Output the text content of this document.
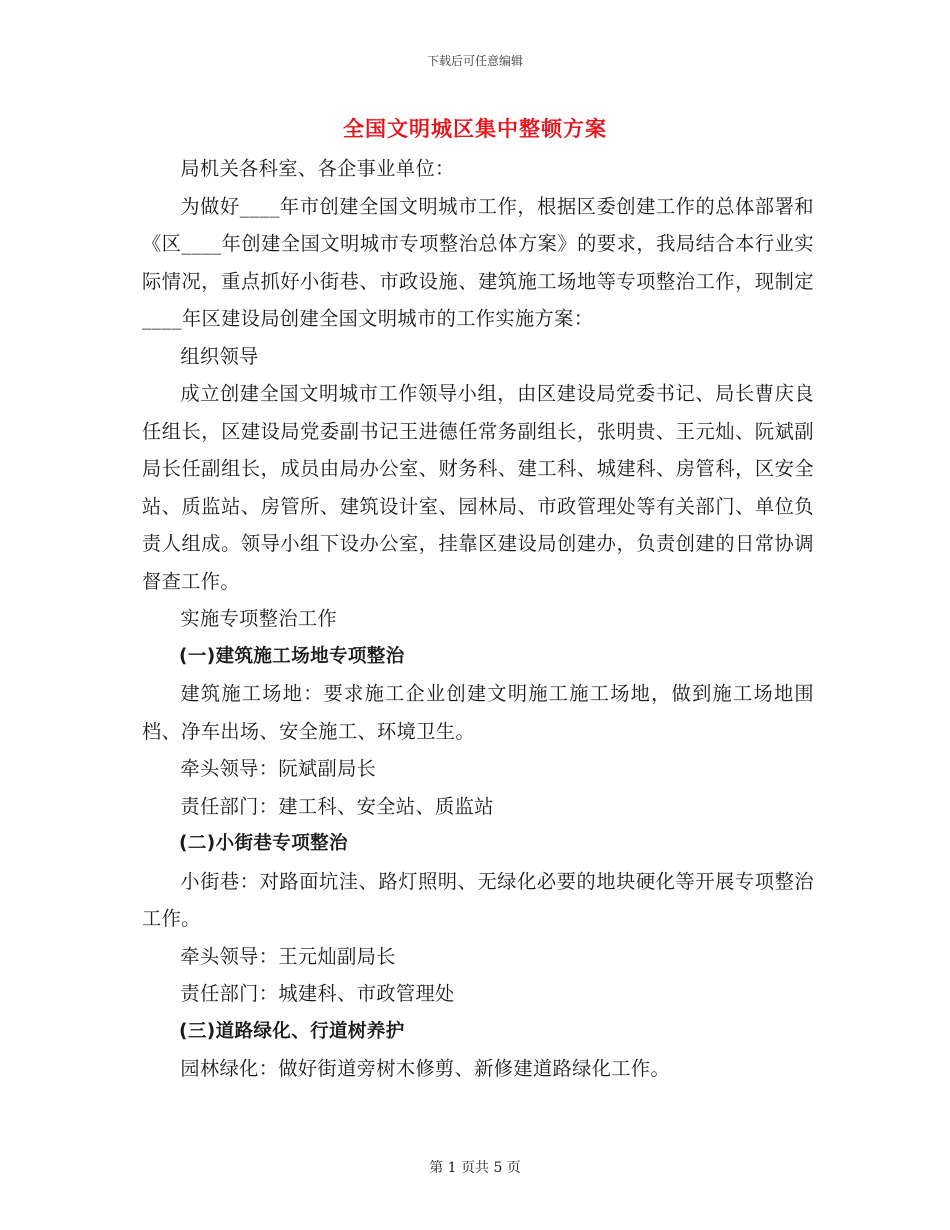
下载后可任意编辑
全国文明城区集中整顿方案

局机关各科室、各企事业单位：

为做好____年市创建全国文明城市工作，根据区委创建工作的总体部署和《区____年创建全国文明城市专项整治总体方案》的要求，我局结合本行业实际情况，重点抓好小街巷、市政设施、建筑施工场地等专项整治工作，现制定____年区建设局创建全国文明城市的工作实施方案：

组织领导

成立创建全国文明城市工作领导小组，由区建设局党委书记、局长曹庆良任组长，区建设局党委副书记王进德任常务副组长，张明贵、王元灿、阮斌副局长任副组长，成员由局办公室、财务科、建工科、城建科、房管科，区安全站、质监站、房管所、建筑设计室、园林局、市政管理处等有关部门、单位负责人组成。领导小组下设办公室，挂靠区建设局创建办，负责创建的日常协调督查工作。

实施专项整治工作

(一)建筑施工场地专项整治

建筑施工场地：要求施工企业创建文明施工施工场地，做到施工场地围档、净车出场、安全施工、环境卫生。

牵头领导：阮斌副局长

责任部门：建工科、安全站、质监站

(二)小街巷专项整治

小街巷：对路面坑洼、路灯照明、无绿化必要的地块硬化等开展专项整治工作。

牵头领导：王元灿副局长

责任部门：城建科、市政管理处

(三)道路绿化、行道树养护

园林绿化：做好街道旁树木修剪、新修建道路绿化工作。

第 1 页共 5 页
